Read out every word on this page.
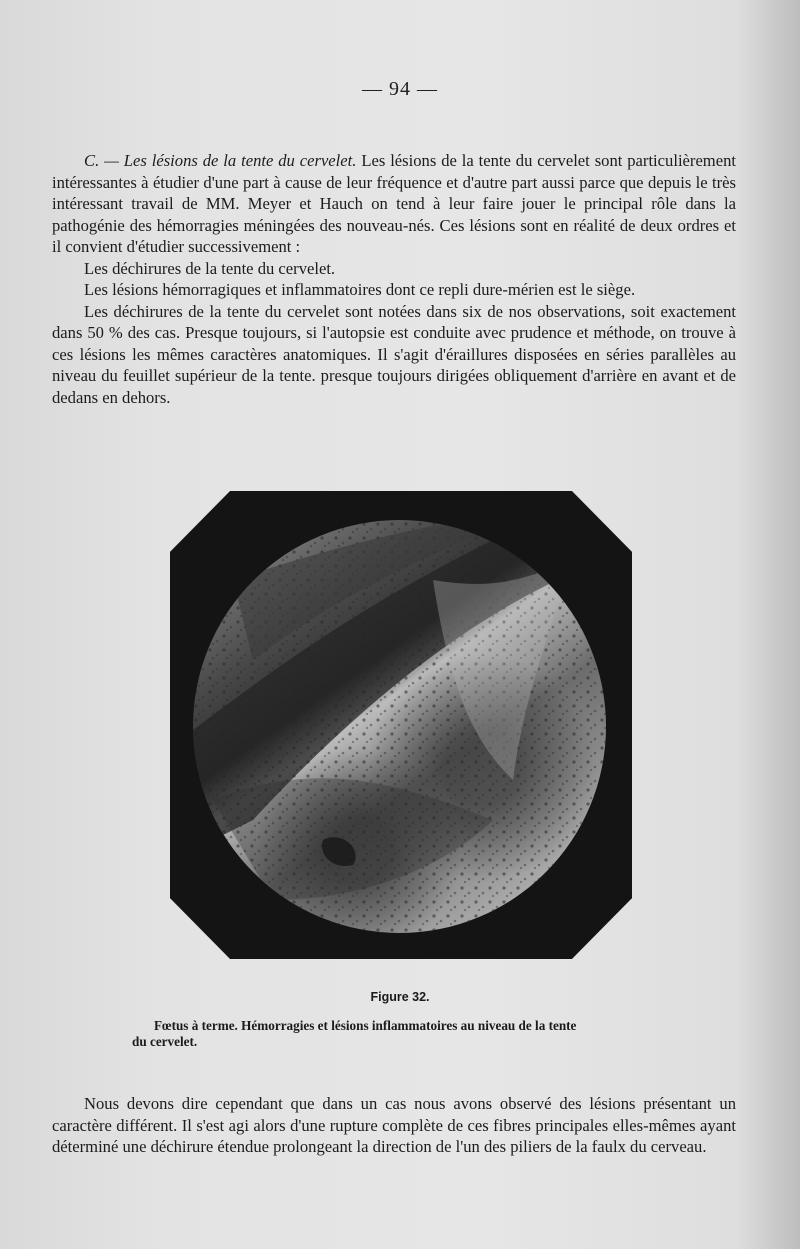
— 94 —

C. — Les lésions de la tente du cervelet. Les lésions de la tente du cervelet sont particulièrement intéressantes à étudier d'une part à cause de leur fréquence et d'autre part aussi parce que depuis le très intéressant travail de MM. Meyer et Hauch on tend à leur faire jouer le principal rôle dans la pathogénie des hémorragies méningées des nouveau-nés. Ces lésions sont en réalité de deux ordres et il convient d'étudier successivement :

Les déchirures de la tente du cervelet.

Les lésions hémorragiques et inflammatoires dont ce repli dure-mérien est le siège.

Les déchirures de la tente du cervelet sont notées dans six de nos observations, soit exactement dans 50 % des cas. Presque toujours, si l'autopsie est conduite avec prudence et méthode, on trouve à ces lésions les mêmes caractères anatomiques. Il s'agit d'éraillures disposées en séries parallèles au niveau du feuillet supérieur de la tente. presque toujours dirigées obliquement d'arrière en avant et de dedans en dehors.

Figure 32.
Fœtus à terme. Hémorragies et lésions inflammatoires au niveau de la tente
du cervelet.

Nous devons dire cependant que dans un cas nous avons observé des lésions présentant un caractère différent. Il s'est agi alors d'une rupture complète de ces fibres principales elles-mêmes ayant déterminé une déchirure étendue prolongeant la direction de l'un des piliers de la faulx du cerveau.
